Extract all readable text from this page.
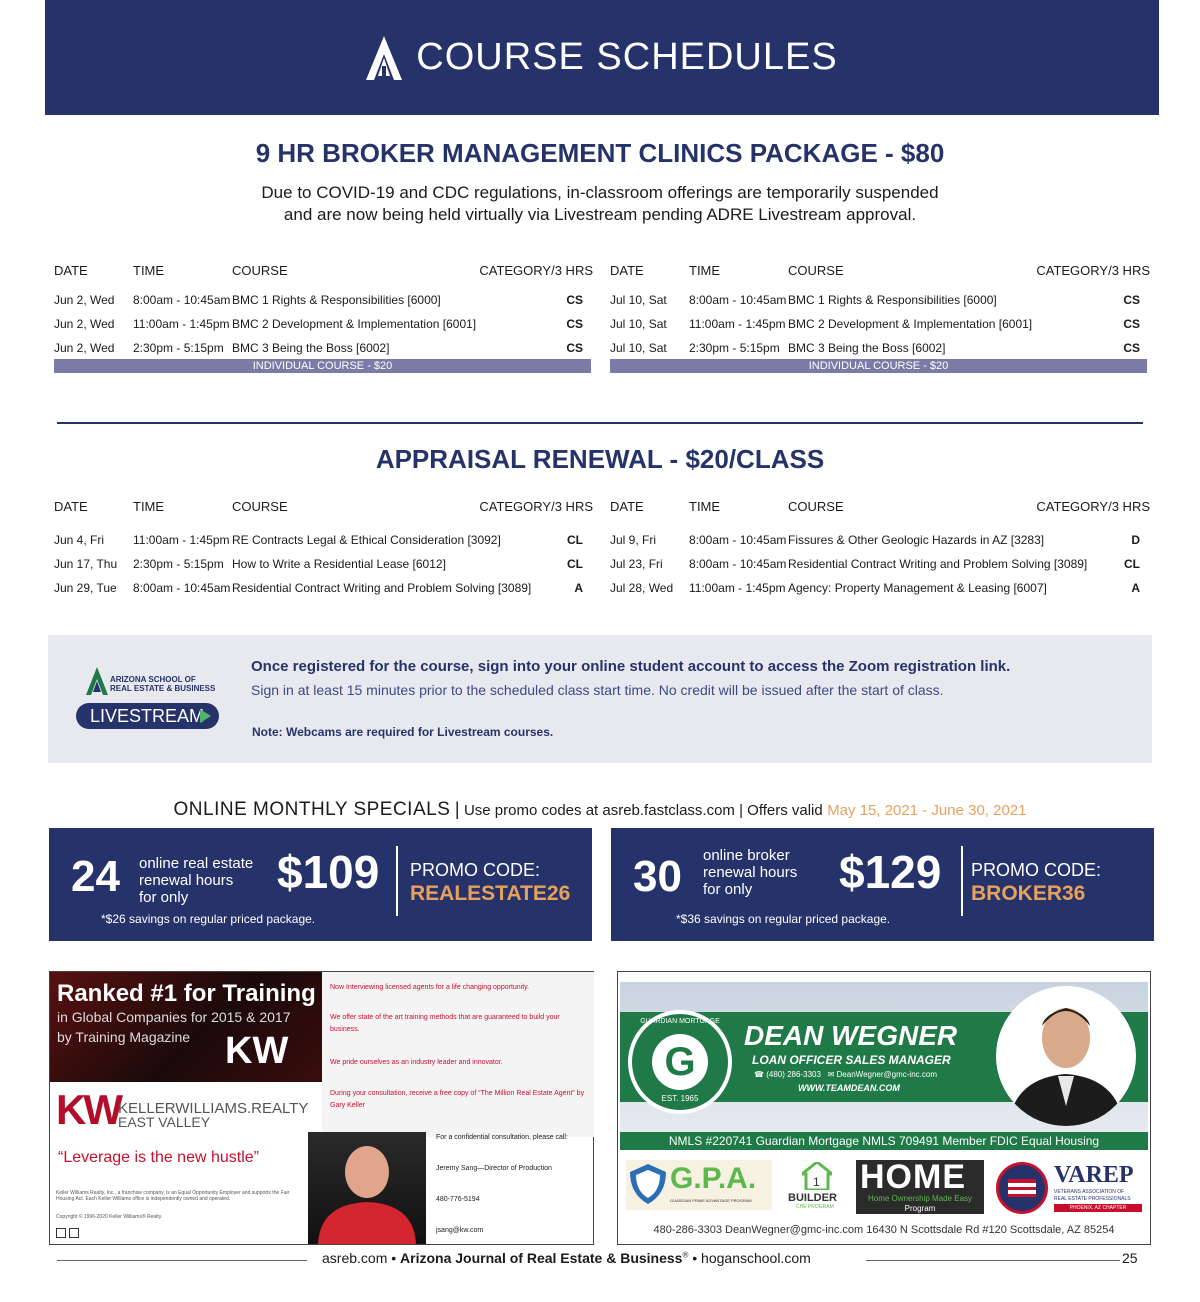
COURSE SCHEDULES
9 HR BROKER MANAGEMENT CLINICS PACKAGE - $80
Due to COVID-19 and CDC regulations, in-classroom offerings are temporarily suspended
and are now being held virtually via Livestream pending ADRE Livestream approval.
DATE	TIME	COURSE	CATEGORY/3 HRS
Jun 2, Wed 8:00am - 10:45am BMC 1 Rights & Responsibilities [6000]	CS
Jun 2, Wed 11:00am - 1:45pm BMC 2 Development & Implementation [6001]	CS
Jun 2, Wed 2:30pm - 5:15pm BMC 3 Being the Boss [6002]	CS
INDIVIDUAL COURSE - $20
DATE	TIME	COURSE	CATEGORY/3 HRS
Jul 10, Sat 8:00am - 10:45am BMC 1 Rights & Responsibilities [6000]	CS
Jul 10, Sat 11:00am - 1:45pm BMC 2 Development & Implementation [6001]	CS
Jul 10, Sat 2:30pm - 5:15pm BMC 3 Being the Boss [6002]	CS
INDIVIDUAL COURSE - $20
APPRAISAL RENEWAL - $20/CLASS
DATE	TIME	COURSE	CATEGORY/3 HRS
Jun 4, Fri 11:00am - 1:45pm RE Contracts Legal & Ethical Consideration [3092]	CL
Jun 17, Thu 2:30pm - 5:15pm How to Write a Residential Lease [6012]	CL
Jun 29, Tue 8:00am - 10:45am Residential Contract Writing and Problem Solving [3089]	A
DATE	TIME	COURSE	CATEGORY/3 HRS
Jul 9, Fri	8:00am - 10:45am Fissures & Other Geologic Hazards in AZ [3283]	D
Jul 23, Fri 8:00am - 10:45am Residential Contract Writing and Problem Solving [3089]	CL
Jul 28, Wed 11:00am - 1:45pm Agency: Property Management & Leasing [6007]	A
ARIZONA SCHOOL OF
REAL ESTATE & BUSINESS
LIVESTREAM
Once registered for the course, sign into your online student account to access the Zoom registration link.
Sign in at least 15 minutes prior to the scheduled class start time. No credit will be issued after the start of class.
Note: Webcams are required for Livestream courses.
ONLINE MONTHLY SPECIALS | Use promo codes at asreb.fastclass.com | Offers valid May 15, 2021 - June 30, 2021
24 online real estate
renewal hours
for only $109 PROMO CODE:
REALESTATE26
*$26 savings on regular priced package.
30 online broker
renewal hours
for only $129 PROMO CODE:
BROKER36
*$36 savings on regular priced package.
Ranked #1 for Training
in Global Companies for 2015 & 2017
by Training Magazine KW
Now Interviewing licensed agents for a life changing opportunity.
We offer state of the art training methods that are guaranteed to build your business.
We pride ourselves as an industry leader and innovator.
During your consultation, receive a free copy of “The Million Real Estate Agent” by Gary Keller
KW
KELLERWILLIAMS.REALTY
EAST VALLEY
“Leverage is the new hustle”
Keller Williams Realty, Inc., a franchise company, is an Equal Opportunity Employer and supports the Fair Housing Act. Each Keller Williams office is independently owned and operated.
Copyright © 1996-2020 Keller Williams® Realty.
For a confidential consultation, please call:
Jeremy Sang—Director of Production
480-776-5194
jsang@kw.com
G
GUARDIAN MORTGAGE
EST. 1965
DEAN WEGNER
LOAN OFFICER SALES MANAGER
☎ (480) 286-3303 ✉ DeanWegner@gmc-inc.com
WWW.TEAMDEAN.COM
NMLS #220741 Guardian Mortgage NMLS 709491 Member FDIC Equal Housing
G.P.A.
GUARDIAN PRIME ADVANTAGE PROGRAM
1
BUILDER
CHE PROGRAM
HOME
Home Ownership Made Easy
Program
VAREP
VETERANS ASSOCIATION OF
REAL ESTATE PROFESSIONALS
PHOENIX, AZ CHAPTER
480-286-3303 DeanWegner@gmc-inc.com 16430 N Scottsdale Rd #120 Scottsdale, AZ 85254
asreb.com • Arizona Journal of Real Estate & Business® • hoganschool.com	25
